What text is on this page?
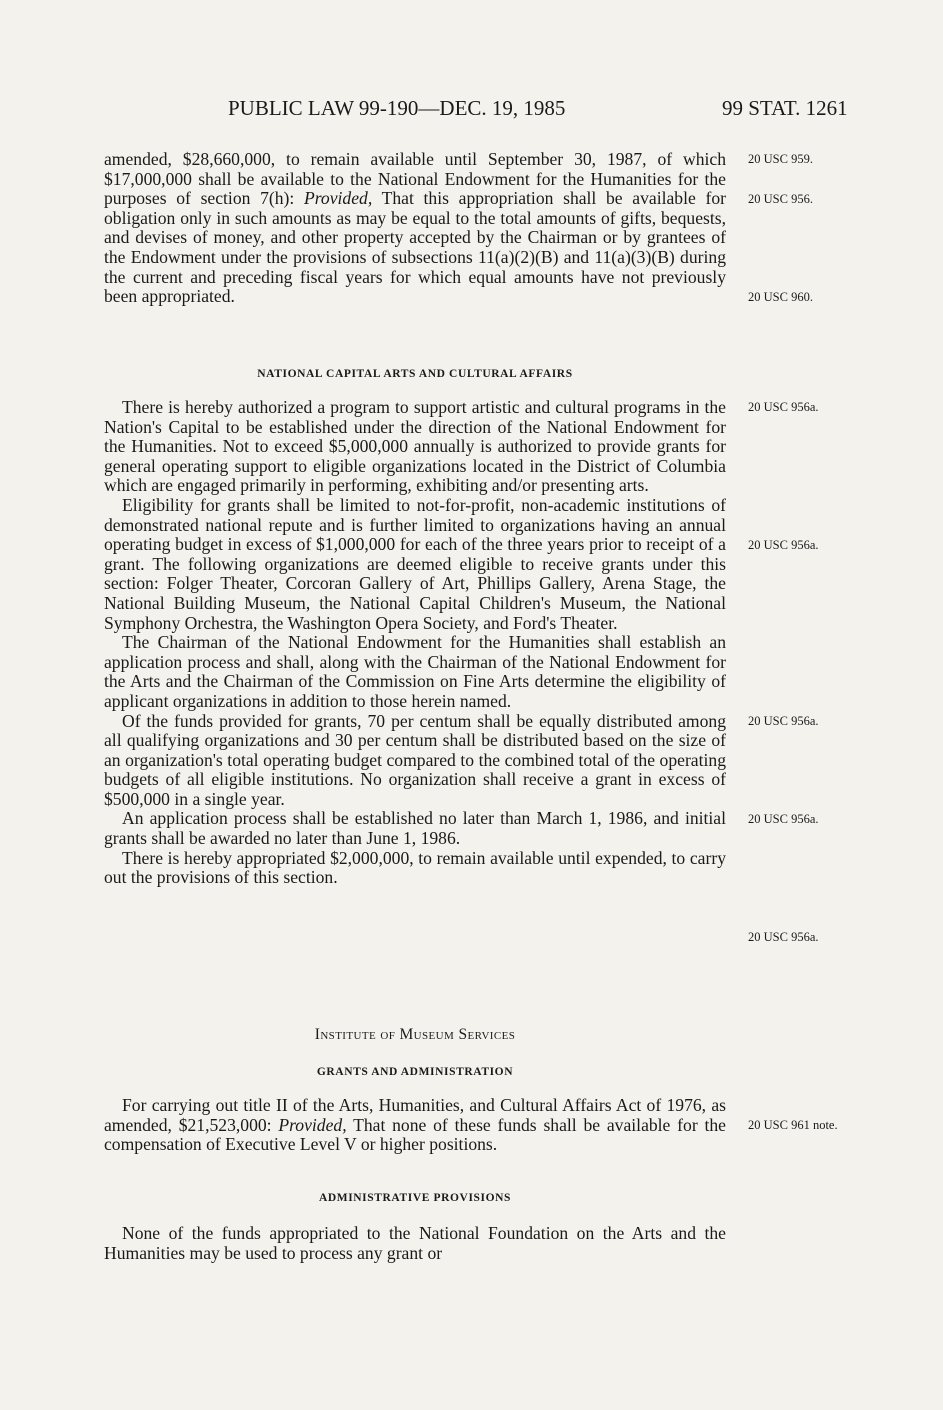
PUBLIC LAW 99-190—DEC. 19, 1985	99 STAT. 1261

amended, $28,660,000, to remain available until September 30, 1987, of which $17,000,000 shall be available to the National Endowment for the Humanities for the purposes of section 7(h): Provided, That this appropriation shall be available for obligation only in such amounts as may be equal to the total amounts of gifts, bequests, and devises of money, and other property accepted by the Chairman or by grantees of the Endowment under the provisions of subsections 11(a)(2)(B) and 11(a)(3)(B) during the current and preceding fiscal years for which equal amounts have not previously been appropriated.

20 USC 959.
20 USC 956.
20 USC 960.
NATIONAL CAPITAL ARTS AND CULTURAL AFFAIRS

There is hereby authorized a program to support artistic and cultural programs in the Nation's Capital to be established under the direction of the National Endowment for the Humanities. Not to exceed $5,000,000 annually is authorized to provide grants for general operating support to eligible organizations located in the District of Columbia which are engaged primarily in performing, exhibiting and/or presenting arts.

Eligibility for grants shall be limited to not-for-profit, non-academic institutions of demonstrated national repute and is further limited to organizations having an annual operating budget in excess of $1,000,000 for each of the three years prior to receipt of a grant. The following organizations are deemed eligible to receive grants under this section: Folger Theater, Corcoran Gallery of Art, Phillips Gallery, Arena Stage, the National Building Museum, the National Capital Children's Museum, the National Symphony Orchestra, the Washington Opera Society, and Ford's Theater.

The Chairman of the National Endowment for the Humanities shall establish an application process and shall, along with the Chairman of the National Endowment for the Arts and the Chairman of the Commission on Fine Arts determine the eligibility of applicant organizations in addition to those herein named.

Of the funds provided for grants, 70 per centum shall be equally distributed among all qualifying organizations and 30 per centum shall be distributed based on the size of an organization's total operating budget compared to the combined total of the operating budgets of all eligible institutions. No organization shall receive a grant in excess of $500,000 in a single year.

An application process shall be established no later than March 1, 1986, and initial grants shall be awarded no later than June 1, 1986.

There is hereby appropriated $2,000,000, to remain available until expended, to carry out the provisions of this section.

20 USC 956a.
20 USC 956a.
20 USC 956a.
20 USC 956a.
20 USC 956a.
Institute of Museum Services
GRANTS AND ADMINISTRATION

For carrying out title II of the Arts, Humanities, and Cultural Affairs Act of 1976, as amended, $21,523,000: Provided, That none of these funds shall be available for the compensation of Executive Level V or higher positions.

20 USC 961 note.
ADMINISTRATIVE PROVISIONS

None of the funds appropriated to the National Foundation on the Arts and the Humanities may be used to process any grant or
